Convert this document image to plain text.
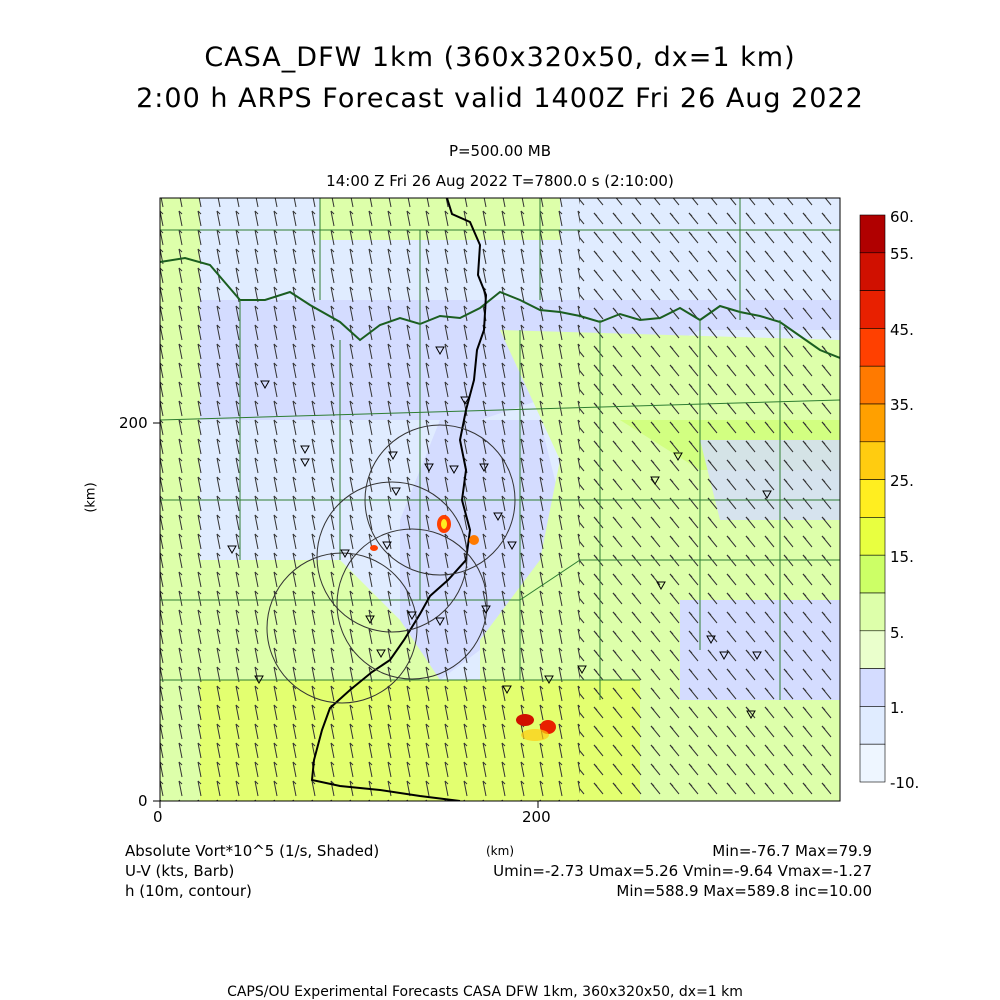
CASA_DFW 1km (360x320x50, dx=1 km)
2:00 h ARPS Forecast valid 1400Z Fri 26 Aug 2022
P=500.00 MB
14:00 Z Fri 26 Aug 2022 T=7800.0 s (2:10:00)
0	200
0
200
(km)
60.
55.
45.
35.
25.
15.
5.
1.
-10.
Absolute Vort*10^5 (1/s, Shaded)	(km)	Min=-76.7 Max=79.9
U-V (kts, Barb)	Umin=-2.73 Umax=5.26 Vmin=-9.64 Vmax=-1.27
h (10m, contour)	Min=588.9 Max=589.8 inc=10.00
CAPS/OU Experimental Forecasts CASA DFW 1km, 360x320x50, dx=1 km
